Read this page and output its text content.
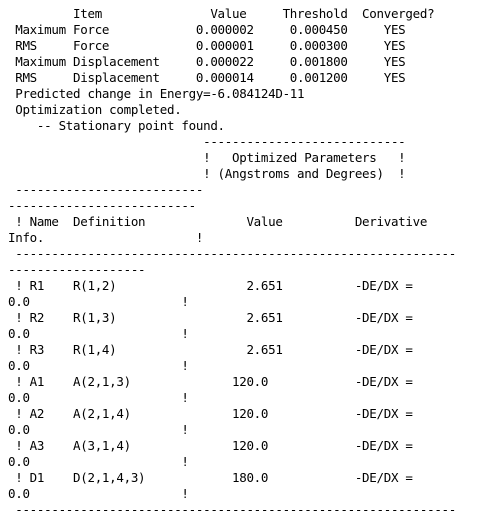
Item               Value     Threshold  Converged?
Maximum Force            0.000002     0.000450     YES
RMS     Force            0.000001     0.000300     YES
Maximum Displacement     0.000022     0.001800     YES
RMS     Displacement     0.000014     0.001200     YES
Predicted change in Energy=-6.084124D-11
Optimization completed.
-- Stationary point found.
----------------------------
!   Optimized Parameters   !
! (Angstroms and Degrees)  !
--------------------------
--------------------------
! Name  Definition              Value          Derivative
Info.                     !
-------------------------------------------------------------
-------------------
! R1    R(1,2)                  2.651          -DE/DX =
0.0                     !
! R2    R(1,3)                  2.651          -DE/DX =
0.0                     !
! R3    R(1,4)                  2.651          -DE/DX =
0.0                     !
! A1    A(2,1,3)              120.0            -DE/DX =
0.0                     !
! A2    A(2,1,4)              120.0            -DE/DX =
0.0                     !
! A3    A(3,1,4)              120.0            -DE/DX =
0.0                     !
! D1    D(2,1,4,3)            180.0            -DE/DX =
0.0                     !
-------------------------------------------------------------
